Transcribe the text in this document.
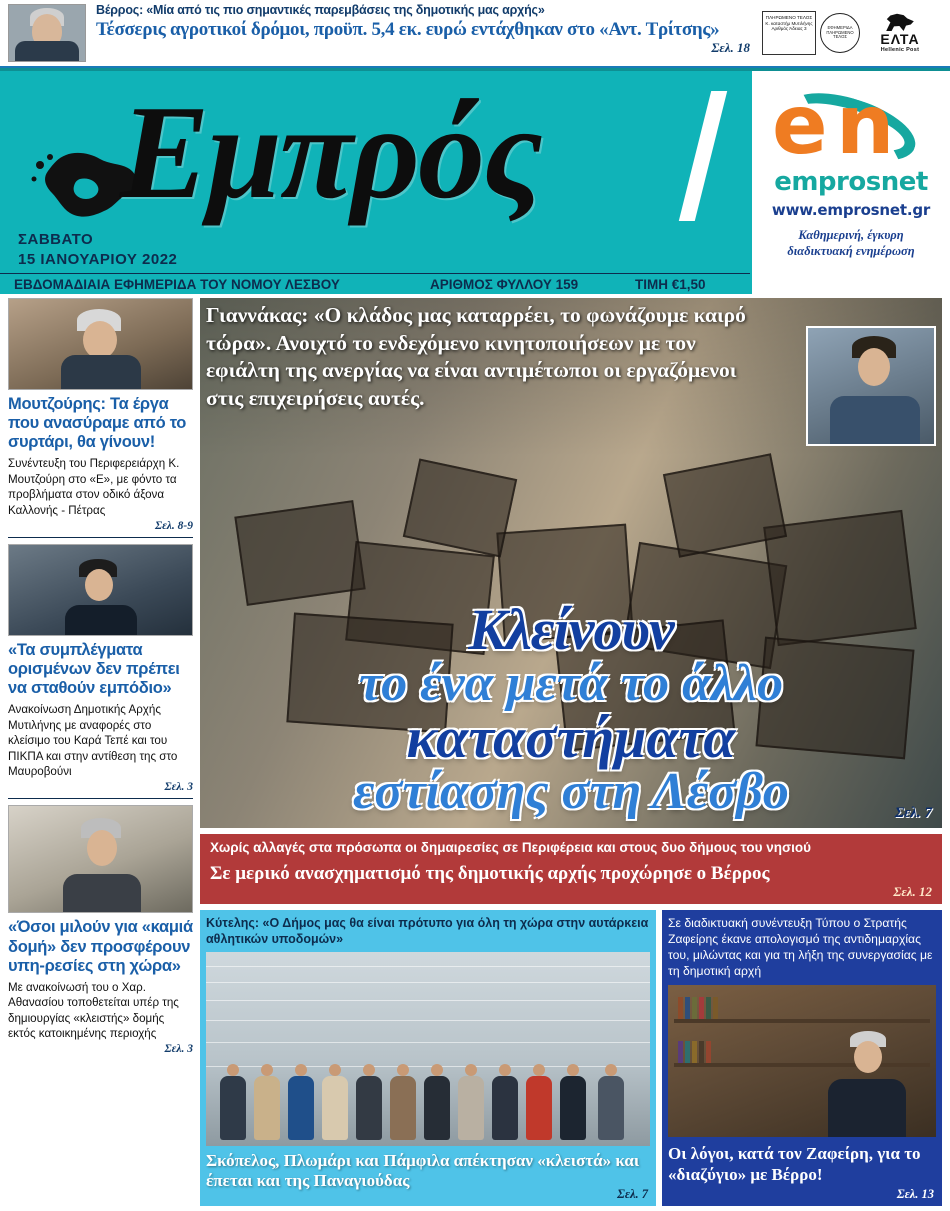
Βέρρος: «Μία από τις πιο σημαντικές παρεμβάσεις της δημοτικής μας αρχής»
Τέσσερις αγροτικοί δρόμοι, προϋπ. 5,4 εκ. ευρώ εντάχθηκαν στο «Αντ. Τρίτσης»
Σελ. 18
ΠΛΗΡΩΜΕΝΟ ΤΕΛΟΣ Κ. καταστήμ Μυτιλήνης Αριθμός Άδειας 3	ΕΦΗΜΕΡΙΔΑ ΠΛΗΡΩΜΕΝΟ ΤΕΛΟΣ	ΕΛΤΑ
Hellenic Post
Εμπρός
ΣΑΒΒΑΤΟ
15 ΙΑΝΟΥΑΡΙΟΥ 2022
ΕΒΔΟΜΑΔΙΑΙΑ ΕΦΗΜΕΡΙΔΑ ΤΟΥ ΝΟΜΟΥ ΛΕΣΒΟΥ	ΑΡΙΘΜΟΣ ΦΥΛΛΟΥ 159	ΤΙΜΗ €1,50
e n
emprosnet
www.emprosnet.gr
Καθημερινή, έγκυρη
διαδικτυακή ενημέρωση
Μουτζούρης: Τα έργα που ανασύραμε από το συρτάρι, θα γίνουν!
Συνέντευξη του Περιφερειάρχη Κ. Μουτζούρη στο «Ε», με φόντο τα προβλήματα στον οδικό άξονα Καλλονής - Πέτρας
Σελ. 8-9
«Τα συμπλέγματα ορισμένων δεν πρέπει να σταθούν εμπόδιο»
Ανακοίνωση Δημοτικής Αρχής Μυτιλήνης με αναφορές στο κλείσιμο του Καρά Τεπέ και του ΠΙΚΠΑ και στην αντίθεση της στο Μαυροβούνι
Σελ. 3
«Όσοι μιλούν για «καμιά δομή» δεν προσφέρουν υπη-ρεσίες στη χώρα»
Με ανακοίνωσή του ο Χαρ. Αθανασίου τοποθετείται υπέρ της δημιουργίας «κλειστής» δομής εκτός κατοικημένης περιοχής
Σελ. 3
Γιαννάκας: «Ο κλάδος μας καταρρέει, το φωνάζουμε καιρό τώρα». Ανοιχτό το ενδεχόμενο κινητοποιήσεων με τον εφιάλτη της ανεργίας να είναι αντιμέτωποι οι εργαζόμενοι στις επιχειρήσεις αυτές.
Κλείνουν
το ένα μετά το άλλο
καταστήματα
εστίασης στη Λέσβο	Σελ. 7
Χωρίς αλλαγές στα πρόσωπα οι δημαιρεσίες σε Περιφέρεια και στους δυο δήμους του νησιού
Σε μερικό ανασχηματισμό της δημοτικής αρχής προχώρησε ο Βέρρος
Σελ. 12
Κύτελης: «Ο Δήμος μας θα είναι πρότυπο για όλη τη χώρα στην αυτάρκεια αθλητικών υποδομών»
Σκόπελος, Πλωμάρι και Πάμφιλα απέκτησαν «κλειστά» και έπεται και της Παναγιούδας
Σελ. 7
Σε διαδικτυακή συνέντευξη Τύπου ο Στρατής Ζαφείρης έκανε απολογισμό της αντιδημαρχίας του, μιλώντας και για τη λήξη της συνεργασίας με τη δημοτική αρχή
Οι λόγοι, κατά τον Ζαφείρη, για το «διαζύγιο» με Βέρρο!
Σελ. 13
